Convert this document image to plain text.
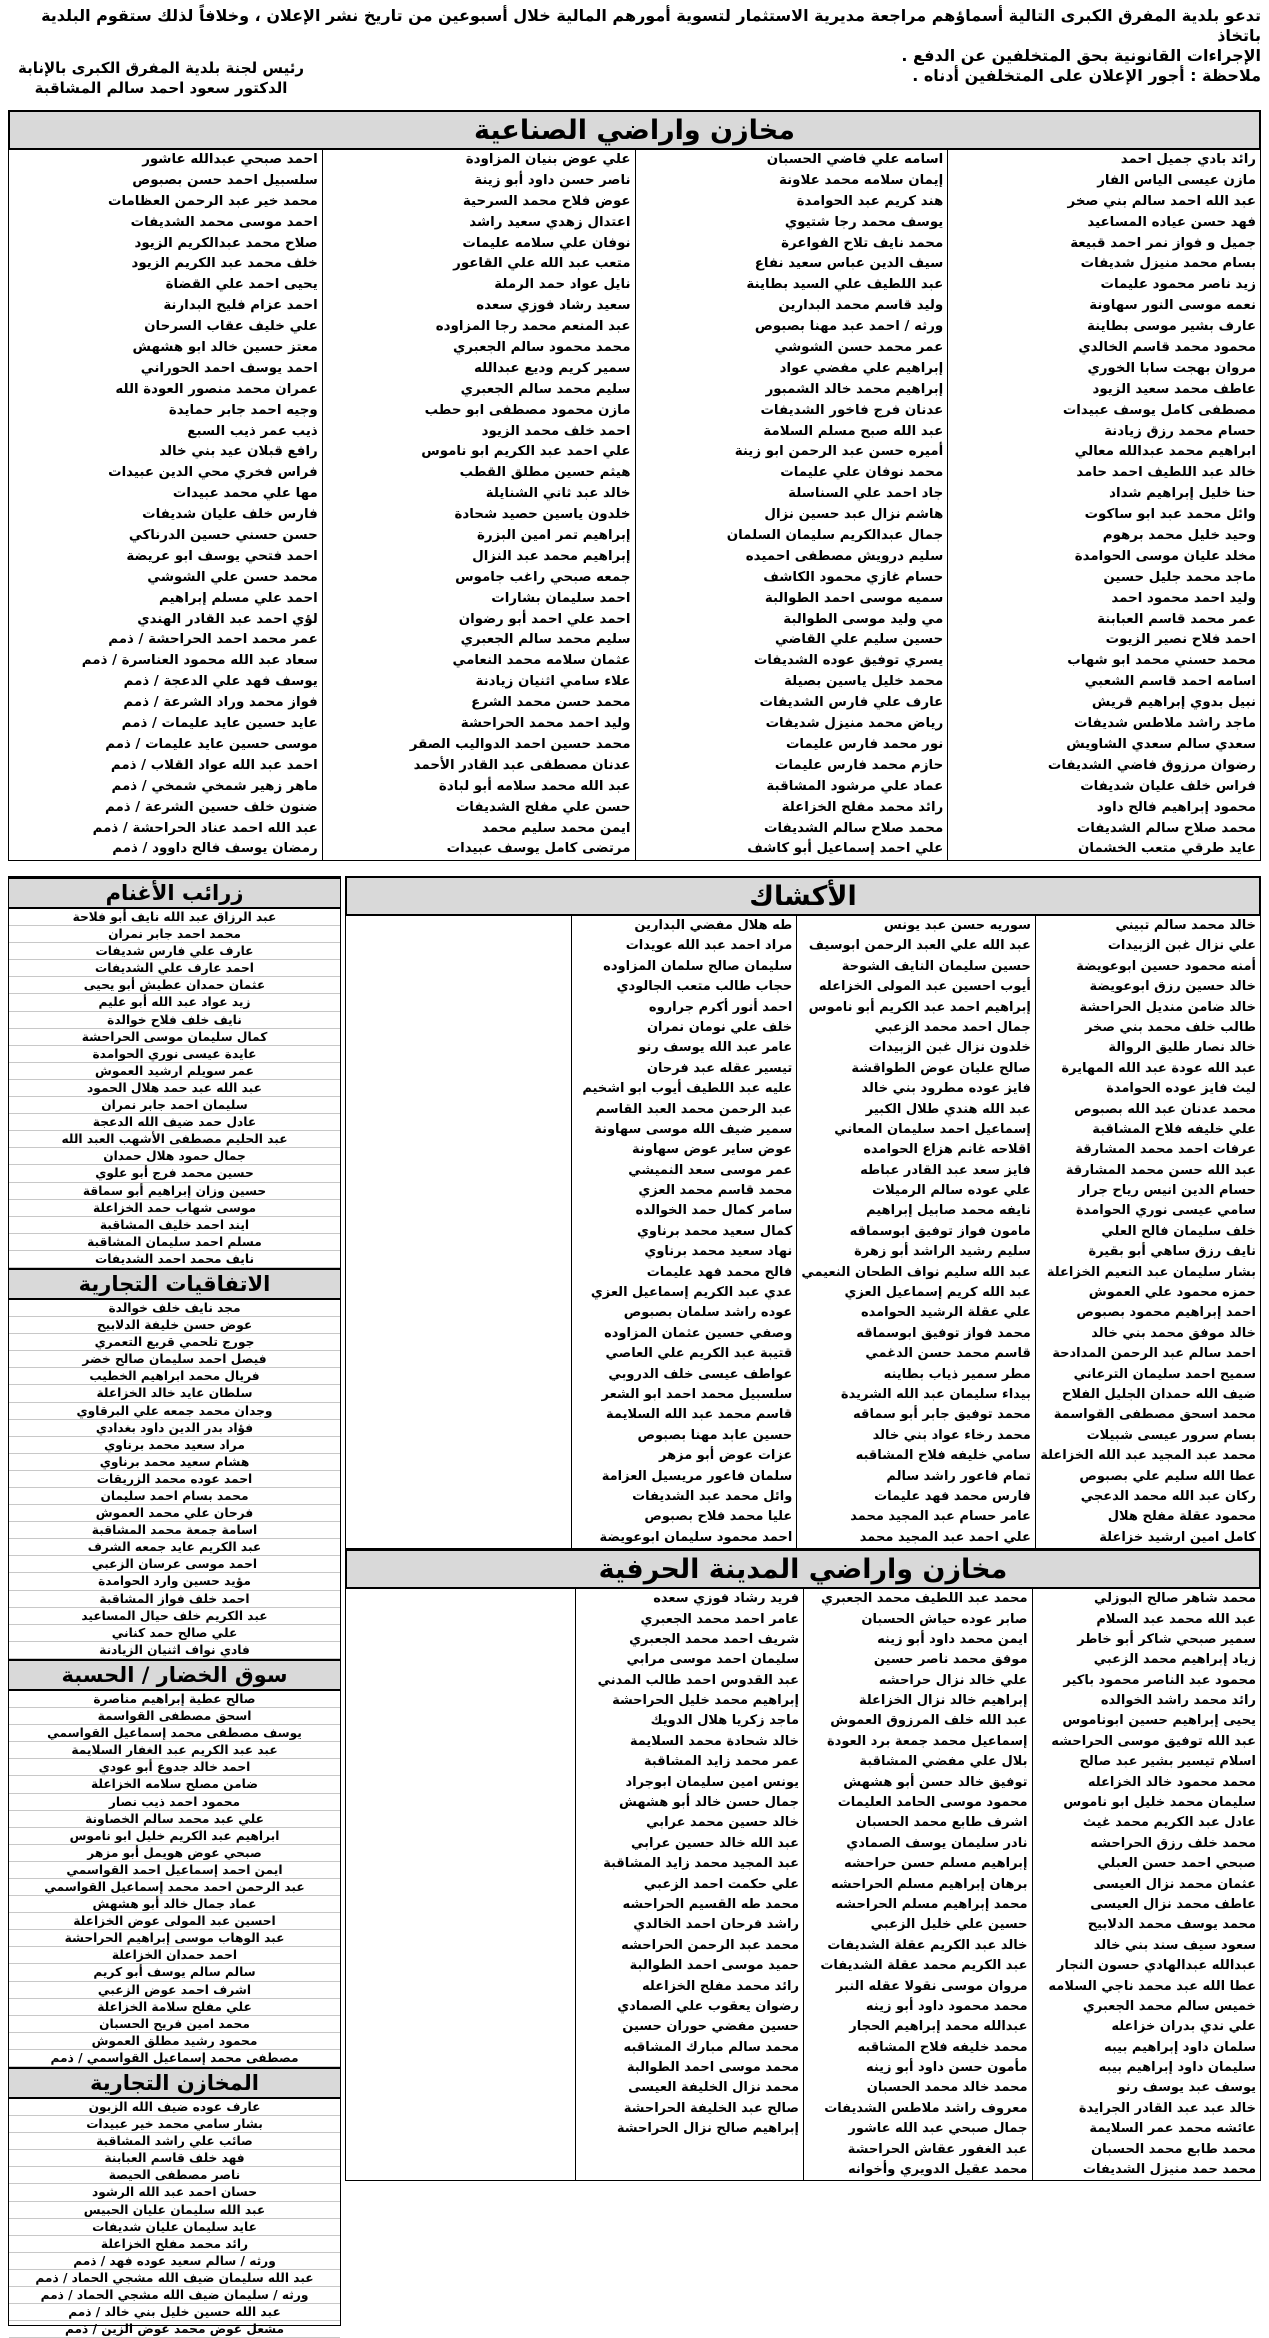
تدعو بلدية المفرق الكبرى التالية أسماؤهم مراجعة مديرية الاستثمار لتسوية أمورهم المالية خلال أسبوعين من تاريخ نشر الإعلان ، وخلافاً لذلك ستقوم البلدية باتخاذ
الإجراءات القانونية بحق المتخلفين عن الدفع .
ملاحظة : أجور الإعلان على المتخلفين أدناه .
رئيس لجنة بلدية المفرق الكبرى بالإنابة
الدكتور سعود احمد سالم المشاقبة
مخازن واراضي الصناعية
رائد بادي جميل احمد
مازن عيسى الياس الفار
عبد الله احمد سالم بني صخر
فهد حسن عياده المساعيد
جميل و فواز نمر احمد قبيعة
بسام محمد منيزل شديفات
زيد ناصر محمود عليمات
نعمه موسى النور سهاونة
عارف بشير موسى بطاينة
محمود محمد قاسم الخالدي
مروان بهجت سابا الخوري
عاطف محمد سعيد الزيود
مصطفى كامل يوسف عبيدات
حسام محمد رزق زيادنة
ابراهيم محمد عبدالله معالي
خالد عبد اللطيف احمد حامد
حنا خليل إبراهيم شداد
وائل محمد عبد ابو ساكوت
وحيد خليل محمد برهوم
مخلد عليان موسى الحوامدة
ماجد محمد جليل حسين
وليد احمد محمود احمد
عمر محمد قاسم العبابنة
احمد فلاح نصير الزيوت
محمد حسني محمد ابو شهاب
اسامه احمد قاسم الشعبي
نبيل بدوي إبراهيم قريش
ماجد راشد ملاطس شديفات
سعدي سالم سعدي الشاويش
رضوان مرزوق فاضي الشديفات
فراس خلف عليان شديفات
محمود إبراهيم فالح داود
محمد صلاح سالم الشديفات
عايد طرقي متعب الخشمان
اسامه علي فاضي الحسبان
إيمان سلامه محمد علاونة
هند كريم عبد الحوامدة
يوسف محمد رجا شتيوي
محمد نايف تلاح الفواعرة
سيف الدين عباس سعيد نفاع
عبد اللطيف علي السيد بطاينة
وليد قاسم محمد البدارين
ورثه / احمد عبد مهنا بصبوص
عمر محمد حسن الشوشي
إبراهيم علي مفضي عواد
إبراهيم محمد خالد الشمبور
عدنان فرج فاخور الشديفات
عبد الله صبح مسلم السلامة
أميره حسن عبد الرحمن ابو زينة
محمد نوفان علي عليمات
جاد احمد علي السناسلة
هاشم نزال عبد حسين نزال
جمال عبدالكريم سليمان السلمان
سليم درويش مصطفى احميده
حسام غازي محمود الكاشف
سميه موسى احمد الطوالبة
مي وليد موسى الطوالبة
حسين سليم علي القاضي
يسري توفيق عوده الشديفات
محمد خليل ياسين بصيلة
عارف علي فارس الشديفات
رياض محمد منيزل شديفات
نور محمد فارس عليمات
حازم محمد فارس عليمات
عماد علي مرشود المشاقبة
رائد محمد مفلح الخزاعلة
محمد صلاح سالم الشديفات
علي احمد إسماعيل أبو كاشف
علي عوض بنيان المزاودة
ناصر حسن داود أبو زينة
عوض فلاح محمد السرحية
اعتدال زهدي سعيد راشد
نوفان علي سلامه عليمات
متعب عبد الله علي القاعور
نايل عواد حمد الرملة
سعيد رشاد فوزي سعده
عبد المنعم محمد رجا المزاوده
محمد محمود سالم الجعبري
سمير كريم وديع عبدالله
سليم محمد سالم الجعبري
مازن محمود مصطفى ابو حطب
احمد خلف محمد الزيود
علي احمد عبد الكريم ابو ناموس
هيثم حسين مطلق القطب
خالد عبد ثاني الشنايلة
خلدون ياسين حصيد شحادة
إبراهيم تمر امين البزرة
إبراهيم محمد عبد النزال
جمعه صبحي راغب جاموس
احمد سليمان بشارات
احمد علي احمد أبو رضوان
سليم محمد سالم الجعبري
عثمان سلامه محمد النعامي
علاء سامي اثنيان زيادنة
محمد حسن محمد الشرع
وليد احمد محمد الحراحشة
محمد حسين احمد الدواليب الصقر
عدنان مصطفى عبد القادر الأحمد
عبد الله محمد سلامه أبو لبادة
حسن علي مفلح الشديفات
ايمن محمد سليم محمد
مرتضى كامل يوسف عبيدات
احمد صبحي عبدالله عاشور
سلسبيل احمد حسن بصبوص
محمد خير عبد الرحمن العظامات
احمد موسى محمد الشديفات
صلاح محمد عبدالكريم الزيود
خلف محمد عبد الكريم الزيود
يحيى احمد علي القضاة
احمد عزام فليح البدارنة
علي خليف عقاب السرحان
معتز حسين خالد ابو هشهش
احمد يوسف احمد الحوراني
عمران محمد منصور العودة الله
وجيه احمد جابر حمايدة
ذيب عمر ذيب السبع
رافع قبلان عيد بني خالد
فراس فخري محي الدين عبيدات
مها علي محمد عبيدات
فارس خلف عليان شديفات
حسن حسني حسين الدرناكي
احمد فتحي يوسف ابو عريضة
محمد حسن علي الشوشي
احمد علي مسلم إبراهيم
لؤي احمد عبد القادر الهندي
عمر محمد احمد الحراحشة / ذمم
سعاد عبد الله محمود العناسرة / ذمم
يوسف فهد علي الدعجة / ذمم
فواز محمد وراد الشرعة / ذمم
عايد حسين عايد عليمات / ذمم
موسى حسين عايد عليمات / ذمم
احمد عبد الله عواد القلاب / ذمم
ماهر زهير شمخي شمخي / ذمم
ضنون خلف حسين الشرعة / ذمم
عبد الله احمد عناد الحراحشة / ذمم
رمضان يوسف فالح داوود / ذمم
زرائب الأغنام
عبد الرزاق عبد الله نايف أبو فلاحة
محمد احمد جابر نمران
عارف علي فارس شديفات
احمد عارف علي الشديفات
عثمان حمدان عطيش أبو يحيى
زيد عواد عبد الله أبو عليم
نايف خلف فلاح خوالدة
كمال سليمان موسى الحراحشة
عايدة عيسى نوري الحوامدة
عمر سويلم ارشيد العموش
عبد الله عبد حمد هلال الحمود
سليمان احمد جابر نمران
عادل حمد ضيف الله الدعجة
عبد الحليم مصطفى الأشهب العبد الله
جمال حمود هلال حمدان
حسين محمد فرج أبو علوي
حسين وزان إبراهيم أبو سماقة
موسى شهاب حمد الخزاعلة
ايند احمد خليف المشاقبة
مسلم احمد سليمان المشاقبة
نايف محمد احمد الشديفات
الاتفاقيات التجارية
مجد نايف خلف خوالدة
عوض حسن خليفة الدلابيح
جورج تلحمي قريع التعمري
فيصل احمد سليمان صالح خضر
فريال محمد ابراهيم الخطيب
سلطان عايد خالد الخزاعلة
وجدان محمد جمعه علي البرقاوي
فؤاد بدر الدين داود بغدادي
مراد سعيد محمد برناوي
هشام سعيد محمد برناوي
احمد عوده محمد الزريقات
محمد بسام احمد سليمان
فرحان علي محمد العموش
اسامة جمعة محمد المشاقبة
عبد الكريم عايد جمعه الشرف
احمد موسى عرسان الزعبي
مؤيد حسين وارد الحوامدة
احمد خلف فواز المشاقبة
عبد الكريم خلف حيال المساعيد
علي صالح حمد كناني
فادي نواف اثنيان الزيادنة
سوق الخضار / الحسبة
صالح عطية إبراهيم مناصرة
اسحق مصطفى القواسمة
يوسف مصطفى محمد إسماعيل القواسمي
عبد عبد الكريم عبد الغفار السلايمة
احمد خالد جدوع أبو عودي
ضامن مصلح سلامه الخزاعلة
محمود احمد ذيب نصار
علي عبد محمد سالم الخصاونة
ابراهيم عبد الكريم خليل ابو ناموس
صبحي عوض هويمل أبو مزهر
ايمن احمد إسماعيل احمد القواسمي
عبد الرحمن احمد محمد إسماعيل القواسمي
عماد جمال خالد أبو هشهش
احسين عبد المولى عوض الخزاعلة
عبد الوهاب موسى إبراهيم الحراحشة
احمد حمدان الخزاعلة
سالم سالم يوسف أبو كريم
اشرف احمد عوض الزعبي
علي مفلح سلامة الخزاعلة
محمد امين فريح الحسبان
محمود رشيد مطلق العموش
مصطفى محمد إسماعيل القواسمي / ذمم
المخازن التجارية
عارف عوده ضيف الله الزبون
بشار سامي محمد خير عبيدات
صائب علي راشد المشاقبة
فهد خلف قاسم العبابنة
ناصر مصطفى الحيصة
حسان احمد عبد الله الرشود
عبد الله سليمان عليان الحبيس
عايد سليمان عليان شديفات
رائد محمد مفلح الخزاعلة
ورثه / سالم سعيد عوده فهد / ذمم
عبد الله سليمان ضيف الله مشجي الحماد / ذمم
ورثه / سليمان ضيف الله مشجي الحماد / ذمم
عبد الله حسين خليل بني خالد / ذمم
مشعل عوض محمد عوض الزين / ذمم
الأكشاك
خالد محمد سالم تبيني
علي نزال غبن الزبيدات
أمنه محمود حسين ابوعويضة
خالد حسين رزق ابوعويضة
خالد ضامن مندیل الحراحشة
طالب خلف محمد بني صخر
خالد نصار طليق الروالة
عبد الله عودة عبد الله المهايرة
ليث فايز عوده الحوامدة
محمد عدنان عبد الله بصبوص
علي خليفه فلاح المشاقبة
عرفات احمد محمد المشارقة
عبد الله حسن محمد المشارقة
حسام الدين انيس رياح جرار
سامي عيسى نوري الحوامدة
خلف سليمان فالح العلي
نايف رزق ساهي أبو بقيرة
بشار سليمان عبد النعيم الخزاعلة
حمزه محمود علي العموش
احمد إبراهيم محمود بصبوص
خالد موفق محمد بني خالد
احمد سالم عبد الرحمن المدادحة
سميح احمد سليمان الترعاني
ضيف الله حمدان الجليل الفلاح
محمد اسحق مصطفى القواسمة
بسام سرور عيسى شبيلات
محمد عبد المجيد عبد الله الخزاعلة
عطا الله سليم علي بصبوص
ركان عبد الله محمد الدعجي
محمود عقلة مفلح هلال
كامل امين ارشيد خزاعلة
سوريه حسن عبد يونس
عبد الله علي العبد الرحمن ابوسيف
حسين سليمان النايف الشوحة
أيوب احسين عبد المولى الخزاعله
إبراهيم احمد عبد الكريم أبو ناموس
جمال احمد محمد الزعبي
خلدون نزال غبن الزبيدات
صالح عليان عوض الطواقشة
فايز عوده مطرود بني خالد
عبد الله هندي طلال الكبير
إسماعيل احمد سليمان المعاني
اقلاحه غانم هزاع الحوامده
فايز سعد عبد القادر عباطه
علي عوده سالم الرميلات
نايفه محمد صابيل إبراهيم
مامون فواز توفيق ابوسماقه
سليم رشيد الراشد أبو زهرة
عبد الله سليم نواف الطحان النعيمي
عبد الله كريم إسماعيل العزي
علي عقلة الرشيد الحوامده
محمد فواز توفيق ابوسماقه
قاسم محمد حسن الدغمي
مطر سمير ذياب بطاينه
بيداء سليمان عبد الله الشريدة
محمد توفيق جابر أبو سماقه
محمد رخاء عواد بني خالد
سامي خليفه فلاح المشاقبه
تمام فاعور راشد سالم
فارس محمد فهد عليمات
عامر حسام عبد المجيد محمد
علي احمد عبد المجيد محمد
طه هلال مفضي البدارين
مراد احمد عبد الله عويدات
سليمان صالح سلمان المزاوده
حجاب طالب متعب الجالودي
احمد أنور أكرم جراروه
خلف علي نومان نمران
عامر عبد الله يوسف رنو
تيسير عقله عبد فرحان
عليه عبد اللطيف أيوب ابو اشخيم
عبد الرحمن محمد العبد القاسم
سمير ضيف الله موسى سهاونة
عوض ساير عوض سهاونة
عمر موسى سعد النميشي
محمد قاسم محمد العزي
سامر كمال حمد الخوالده
كمال سعيد محمد برناوي
نهاد سعيد محمد برناوي
فالح محمد فهد عليمات
عدي عبد الكريم إسماعيل العزي
عوده راشد سلمان بصبوص
وصفي حسين عثمان المزاوده
قتيبة عبد الكريم علي العاصي
عواطف عيسى خلف الدروبي
سلسبيل محمد احمد ابو الشعر
قاسم محمد عبد الله السلايمة
حسين عابد مهنا بصبوص
عزات عوض أبو مزهر
سلمان فاعور مريسيل العزامة
وائل محمد عبد الشديفات
عليا محمد فلاح بصبوص
احمد محمود سليمان ابوعويضة
مخازن واراضي المدينة الحرفية
محمد شاهر صالح البوزلي
عبد الله محمد عبد السلام
سمير صبحي شاكر أبو خاطر
زياد إبراهيم محمد الزعبي
محمود عبد الناصر محمود باكير
رائد محمد راشد الخوالده
يحيى إبراهيم حسين ابوناموس
عبد الله توفيق موسى الحراحشه
اسلام تيسير بشير عبد صالح
محمد محمود خالد الخزاعله
سليمان محمد خليل ابو ناموس
عادل عبد الكريم محمد غيث
محمد خلف رزق الحراحشه
صبحي احمد حسن العبلي
عثمان محمد نزال العيسى
عاطف محمد نزال العيسى
محمد يوسف محمد الدلابيح
سعود سيف سند بني خالد
عبدالله عبدالهادي حسون النجار
عطا الله عبد محمد ناجي السلامه
خميس سالم محمد الجعبري
علي ندي بدران خزاعله
سلمان داود إبراهيم بيبه
سليمان داود إبراهيم بيبه
يوسف عبد يوسف رنو
خالد عبد عبد القادر الجرايدة
عائشه محمد عمر السلايمة
محمد طابع محمد الحسبان
محمد حمد منيزل الشديفات
محمد عبد اللطيف محمد الجعبري
صابر عوده حياش الحسبان
ايمن محمد داود أبو زينه
موفق محمد ناصر حسين
علي خالد نزال حراحشه
إبراهيم خالد نزال الخزاعلة
عبد الله خلف المرزوق العموش
إسماعيل محمد جمعة برد العودة
بلال علي مفضي المشاقبة
توفيق خالد حسن أبو هشهش
محمود موسى الحامد العليمات
اشرف طابع محمد الحسبان
نادر سليمان يوسف الصمادي
إبراهيم مسلم حسن حراحشه
برهان إبراهيم مسلم الحراحشه
محمد إبراهيم مسلم الحراحشه
حسين علي خليل الزعبي
خالد عبد الكريم عقلة الشديفات
عبد الكريم محمد عقلة الشديفات
مروان موسى نقولا عقله النبر
محمد محمود داود أبو زينه
عبدالله محمد إبراهيم الحجار
محمد خليفه فلاح المشاقبه
مأمون حسن داود أبو زينه
محمد خالد محمد الحسبان
معروف راشد ملاطس الشديفات
جمال صبحي عبد الله عاشور
عبد الغفور عقاش الحراحشة
محمد عقيل الدويري وأخوانه
فريد رشاد فوزي سعده
عامر احمد محمد الجعبري
شريف احمد محمد الجعبري
سليمان احمد موسى مرابي
عبد القدوس احمد طالب المدني
إبراهيم محمد خليل الحراحشة
ماجد زكريا هلال الدويك
خالد شحادة محمد السلايمة
عمر محمد زايد المشاقبة
يونس امين سليمان ابوجراد
جمال حسن خالد أبو هشهش
خالد حسين محمد عرابي
عبد الله خالد حسين عرابي
عبد المجيد محمد زايد المشاقبة
علي حكمت احمد الزعبي
محمد طه القسيم الحراحشه
راشد فرحان احمد الخالدي
محمد عبد الرحمن الحراحشه
حميد موسى احمد الطوالبة
رائد محمد مفلح الخزاعله
رضوان يعقوب علي الصمادي
حسين مفضي حوران حسين
محمد سالم مبارك المشاقبه
محمد موسى احمد الطوالبة
محمد نزال الخليفة العيسى
صالح عبد الخليفة الحراحشة
إبراهيم صالح نزال الحراحشة
